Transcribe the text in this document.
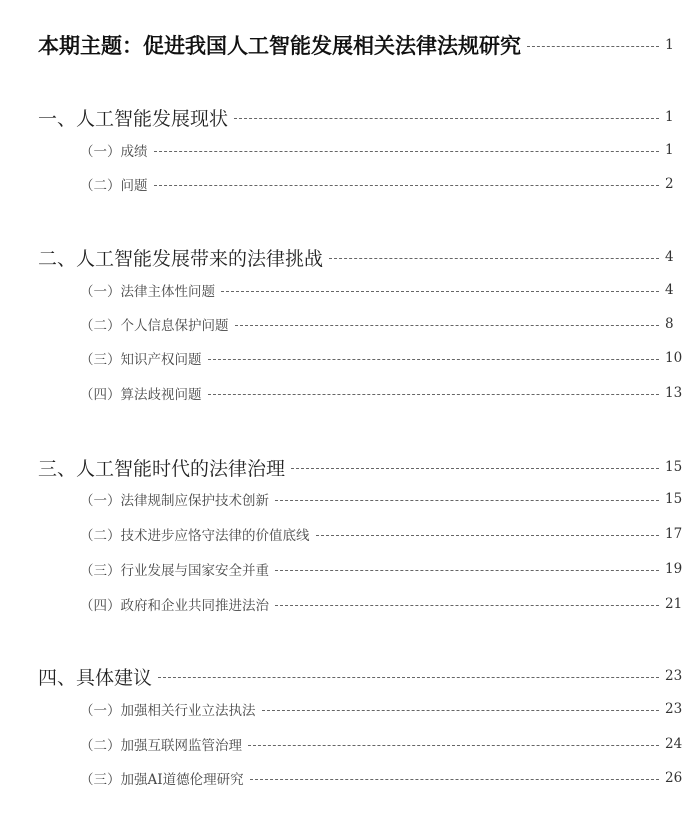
本期主题：促进我国人工智能发展相关法律法规研究	1
一、人工智能发展现状	1
（一）成绩	1
（二）问题	2
二、人工智能发展带来的法律挑战	4
（一）法律主体性问题	4
（二）个人信息保护问题	8
（三）知识产权问题	10
（四）算法歧视问题	13
三、人工智能时代的法律治理	15
（一）法律规制应保护技术创新	15
（二）技术进步应恪守法律的价值底线	17
（三）行业发展与国家安全并重	19
（四）政府和企业共同推进法治	21
四、具体建议	23
（一）加强相关行业立法执法	23
（二）加强互联网监管治理	24
（三）加强AI道德伦理研究	26
